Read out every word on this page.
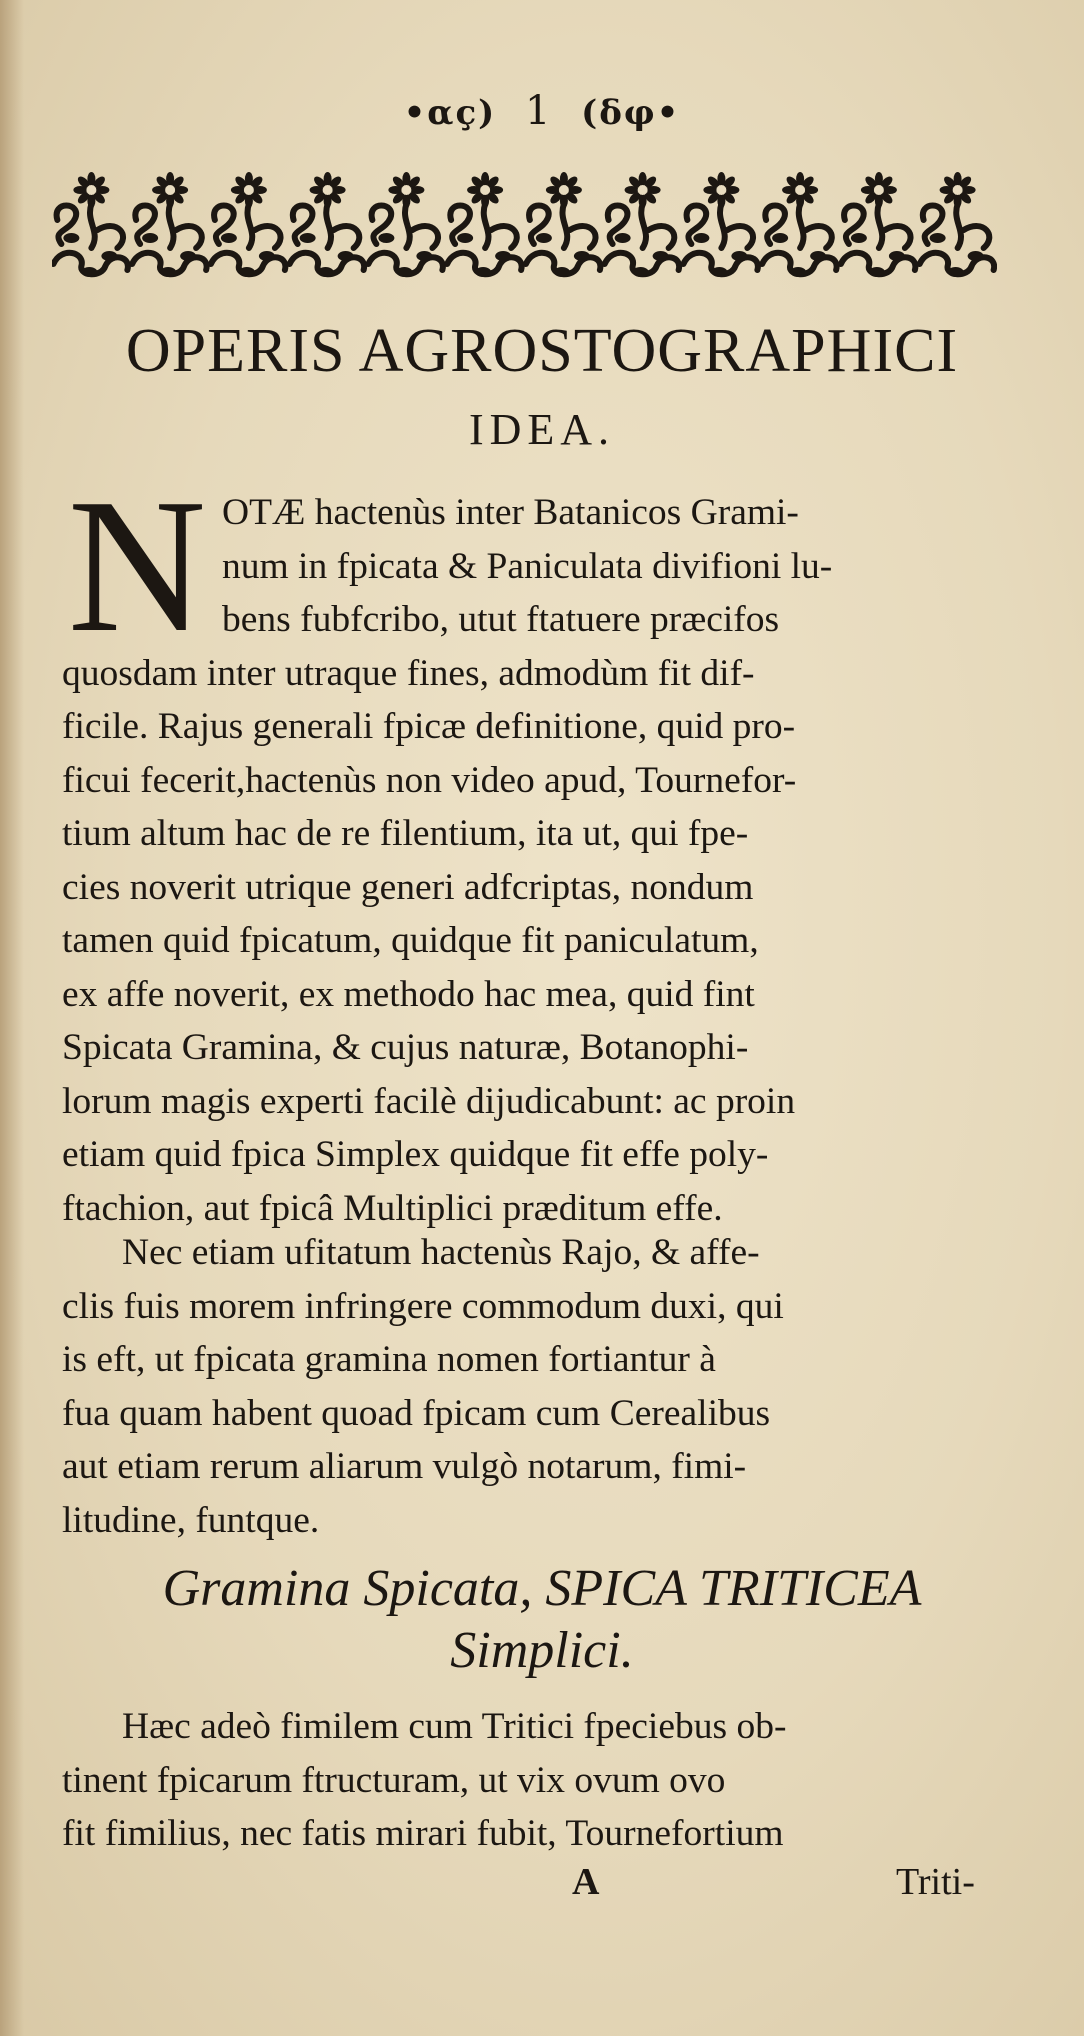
•αç) 1 (δφ•
OPERIS AGROSTOGRAPHICI
IDEA.
N OTÆ hactenùs inter Batanicos Grami-
num in fpicata & Paniculata divifioni lu-
bens fubfcribo, utut ftatuere præcifos
quosdam inter utraque fines, admodùm fit dif-
ficile. Rajus generali fpicæ definitione, quid pro-
ficui fecerit,hactenùs non video apud, Tournefor-
tium altum hac de re filentium, ita ut, qui fpe-
cies noverit utrique generi adfcriptas, nondum
tamen quid fpicatum, quidque fit paniculatum,
ex affe noverit, ex methodo hac mea, quid fint
Spicata Gramina, & cujus naturæ, Botanophi-
lorum magis experti facilè dijudicabunt: ac proin
etiam quid fpica Simplex quidque fit effe poly-
ftachion, aut fpicâ Multiplici præditum effe.
Nec etiam ufitatum hactenùs Rajo, & affe-
clis fuis morem infringere commodum duxi, qui
is eft, ut fpicata gramina nomen fortiantur à
fua quam habent quoad fpicam cum Cerealibus
aut etiam rerum aliarum vulgò notarum, fimi-
litudine, funtque.
Gramina Spicata, SPICA TRITICEA
Simplici.
Hæc adeò fimilem cum Tritici fpeciebus ob-
tinent fpicarum ftructuram, ut vix ovum ovo
fit fimilius, nec fatis mirari fubit, Tournefortium
A	Triti-
